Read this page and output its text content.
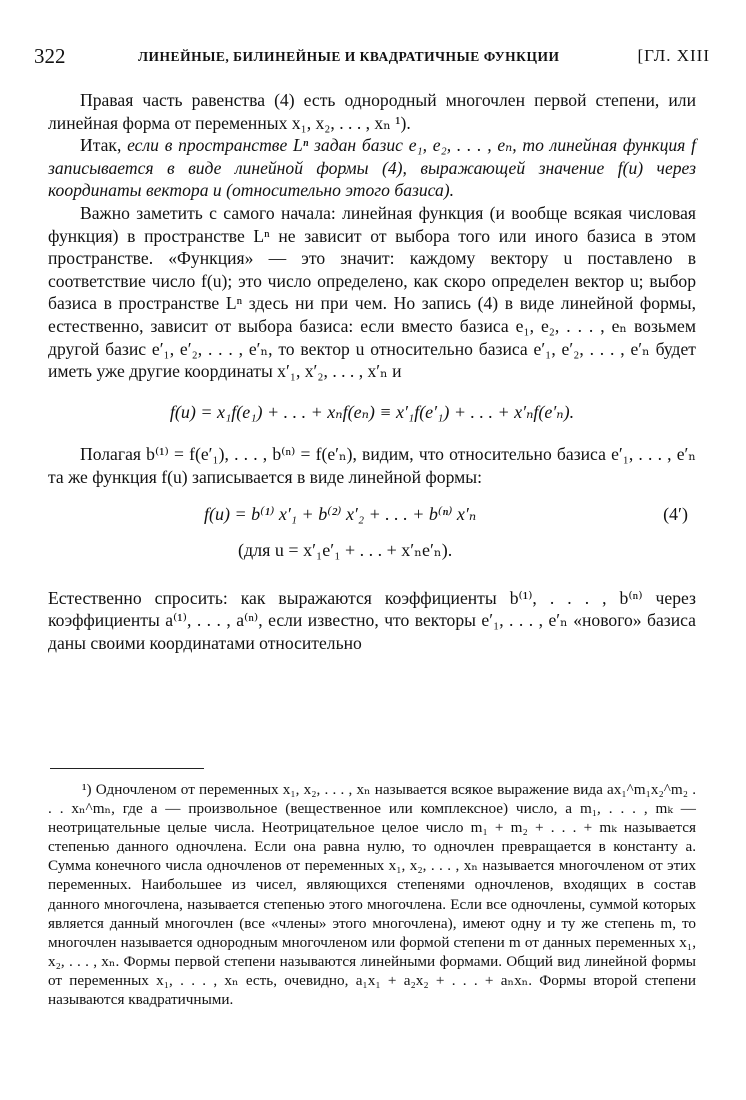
322	ЛИНЕЙНЫЕ, БИЛИНЕЙНЫЕ И КВАДРАТИЧНЫЕ ФУНКЦИИ	[ГЛ. XIII

Правая часть равенства (4) есть однородный многочлен первой степени, или линейная форма от переменных x₁, x₂, . . . , xₙ ¹).

Итак, если в пространстве Lⁿ задан базис e₁, e₂, . . . , eₙ, то линейная функция f записывается в виде линейной формы (4), выражающей значение f(u) через координаты вектора u (относительно этого базиса).

Важно заметить с самого начала: линейная функция (и вообще всякая числовая функция) в пространстве Lⁿ не зависит от выбора того или иного базиса в этом пространстве. «Функция» — это значит: каждому вектору u поставлено в соответствие число f(u); это число определено, как скоро определен вектор u; выбор базиса в пространстве Lⁿ здесь ни при чем. Но запись (4) в виде линейной формы, естественно, зависит от выбора базиса: если вместо базиса e₁, e₂, . . . , eₙ возьмем другой базис e′₁, e′₂, . . . , e′ₙ, то вектор u относительно базиса e′₁, e′₂, . . . , e′ₙ будет иметь уже другие координаты x′₁, x′₂, . . . , x′ₙ и

f(u) = x₁f(e₁) + . . . + xₙf(eₙ) ≡ x′₁f(e′₁) + . . . + x′ₙf(e′ₙ).

Полагая b⁽¹⁾ = f(e′₁), . . . , b⁽ⁿ⁾ = f(e′ₙ), видим, что относительно базиса e′₁, . . . , e′ₙ та же функция f(u) записывается в виде линейной формы:

f(u) = b⁽¹⁾ x′₁ + b⁽²⁾ x′₂ + . . . + b⁽ⁿ⁾ x′ₙ	(4′)
(для u = x′₁e′₁ + . . . + x′ₙe′ₙ).

Естественно спросить: как выражаются коэффициенты b⁽¹⁾, . . . , b⁽ⁿ⁾ через коэффициенты a⁽¹⁾, . . . , a⁽ⁿ⁾, если известно, что векторы e′₁, . . . , e′ₙ «нового» базиса даны своими координатами относительно

¹) Одночленом от переменных x₁, x₂, . . . , xₙ называется всякое выражение вида ax₁^m₁x₂^m₂ . . . xₙ^mₙ, где a — произвольное (вещественное или комплексное) число, а m₁, . . . , mₖ — неотрицательные целые числа. Неотрицательное целое число m₁ + m₂ + . . . + mₖ называется степенью данного одночлена. Если она равна нулю, то одночлен превращается в константу a. Сумма конечного числа одночленов от переменных x₁, x₂, . . . , xₙ называется многочленом от этих переменных. Наибольшее из чисел, являющихся степенями одночленов, входящих в состав данного многочлена, называется степенью этого многочлена. Если все одночлены, суммой которых является данный многочлен (все «члены» этого многочлена), имеют одну и ту же степень m, то многочлен называется однородным многочленом или формой степени m от данных переменных x₁, x₂, . . . , xₙ. Формы первой степени называются линейными формами. Общий вид линейной формы от переменных x₁, . . . , xₙ есть, очевидно, a₁x₁ + a₂x₂ + . . . + aₙxₙ. Формы второй степени называются квадратичными.
